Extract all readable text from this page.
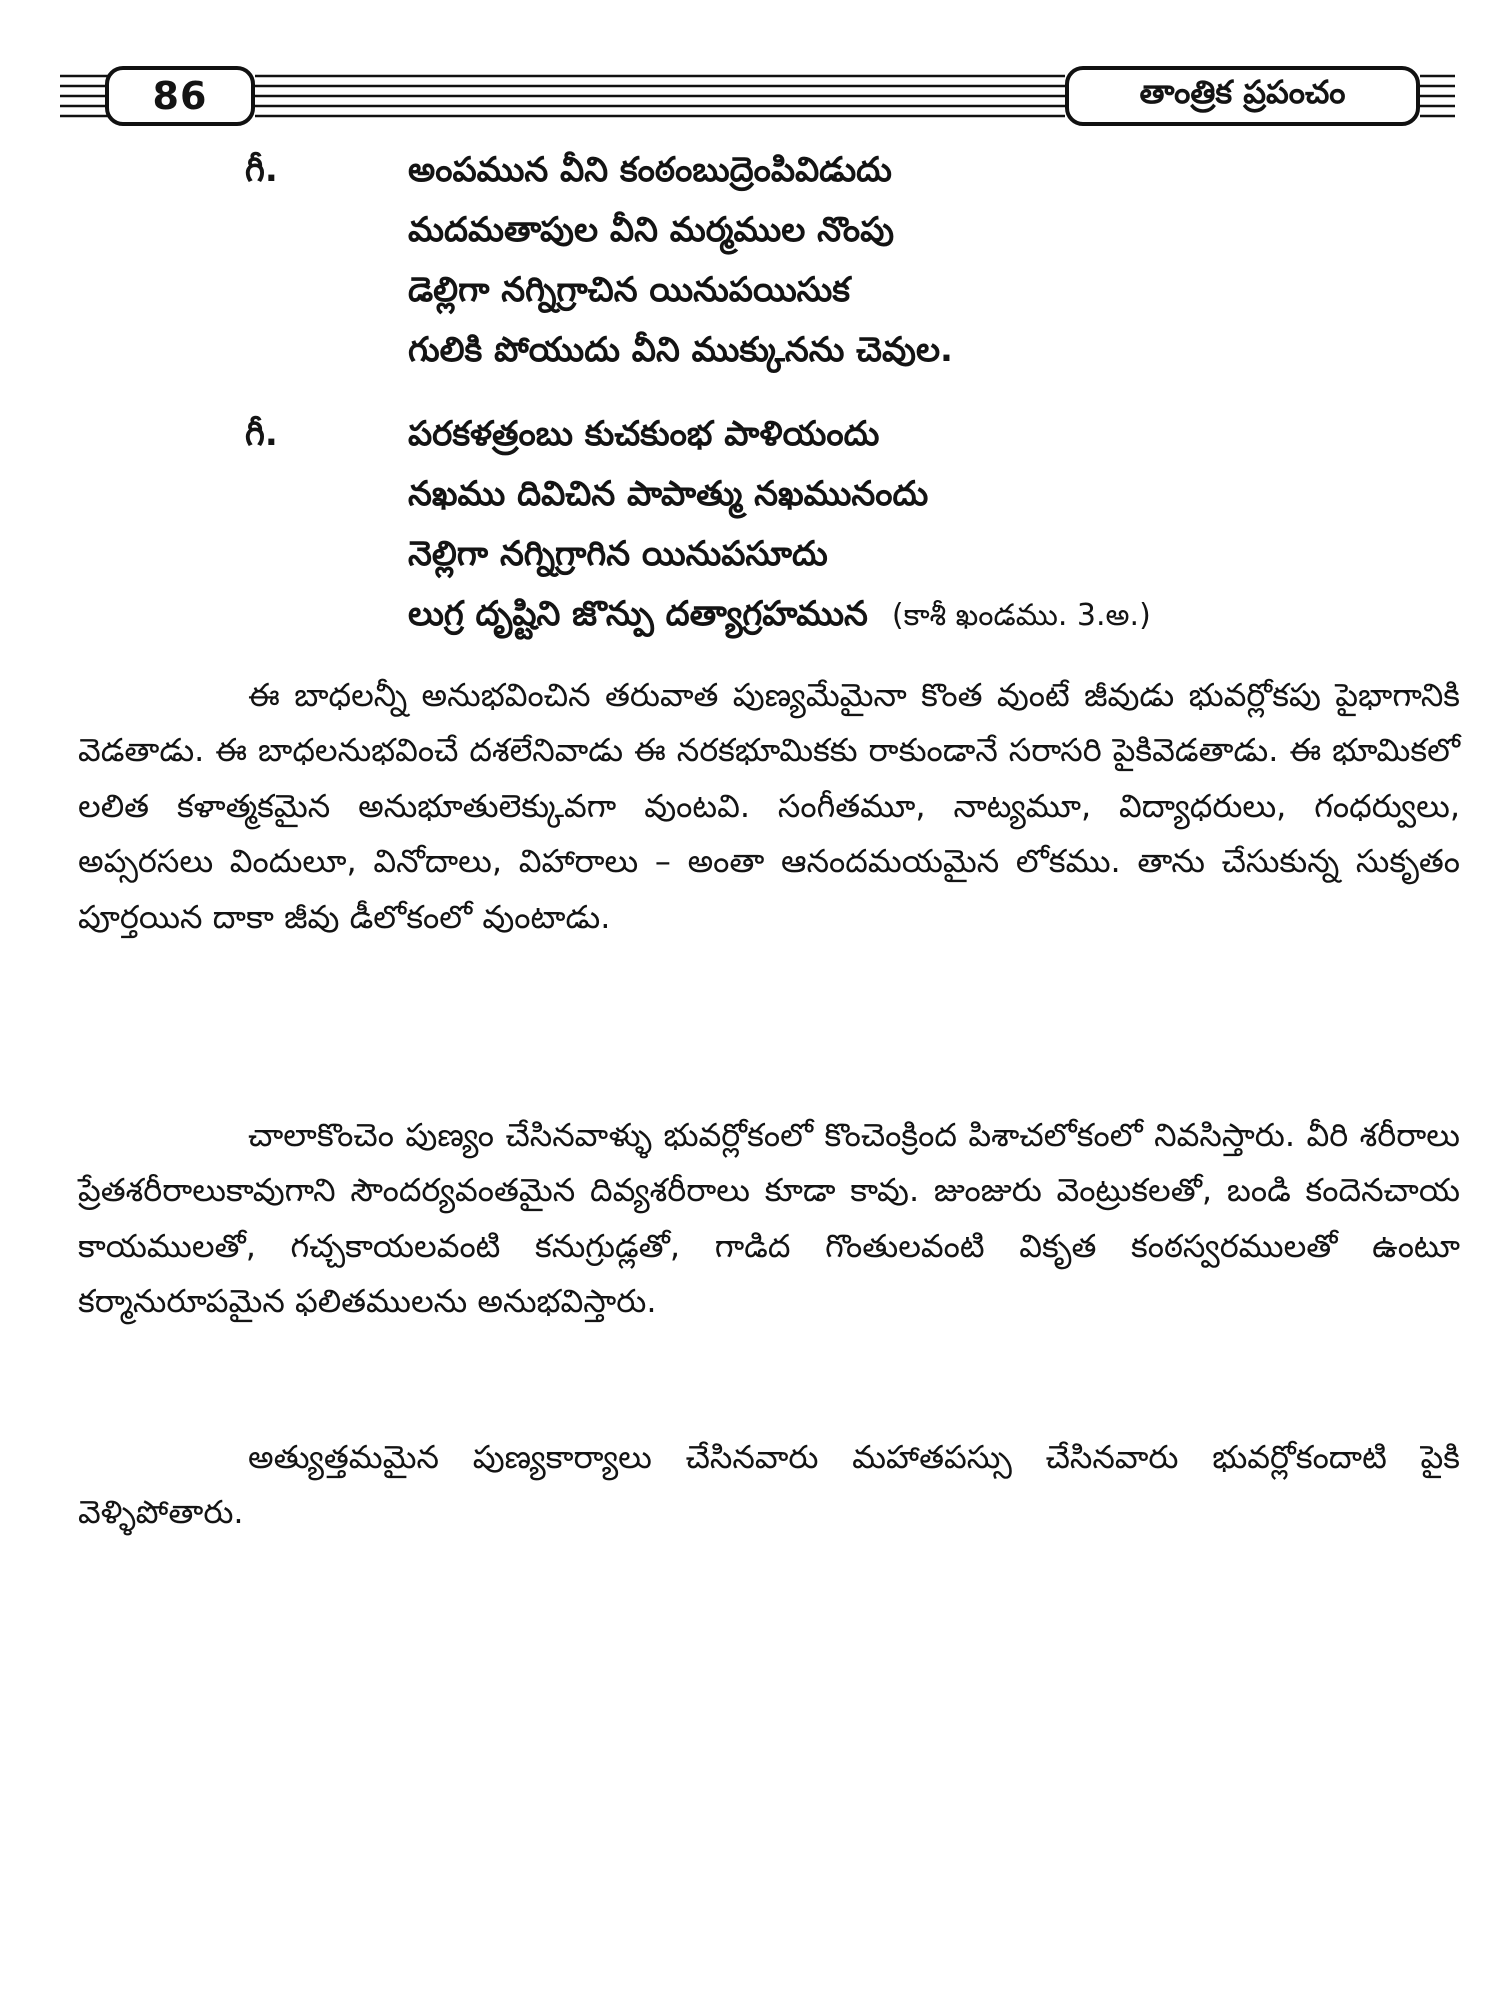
86	తాంత్రిక ప్రపంచం
గీ.	అంపమున వీని కంఠంబుద్రెంపివిడుదు
మదమతాపుల వీని మర్మముల నొంపు
డెల్లిగా నగ్నిగ్రాచిన యినుపయిసుక
గులికి పోయుదు వీని ముక్కునను చెవుల.
గీ.	పరకళత్రంబు కుచకుంభ పాళియందు
నఖము దివిచిన పాపాత్ము నఖమునందు
నెల్లిగా నగ్నిగ్రాగిన యినుపసూదు
లుగ్ర దృష్టిని జొన్పు దత్యాగ్రహమున (కాశీ ఖండము. 3.అ.)

ఈ బాధలన్నీ అనుభవించిన తరువాత పుణ్యమేమైనా కొంత వుంటే జీవుడు భువర్లోకపు పైభాగానికి వెడతాడు. ఈ బాధలనుభవించే దశలేనివాడు ఈ నరకభూమికకు రాకుండానే సరాసరి పైకివెడతాడు. ఈ భూమికలో లలిత కళాత్మకమైన అనుభూతులెక్కువగా వుంటవి. సంగీతమూ, నాట్యమూ, విద్యాధరులు, గంధర్వులు, అప్సరసలు విందులూ, వినోదాలు, విహారాలు – అంతా ఆనందమయమైన లోకము. తాను చేసుకున్న సుకృతం పూర్తయిన దాకా జీవు డీలోకంలో వుంటాడు.

చాలాకొంచెం పుణ్యం చేసినవాళ్ళు భువర్లోకంలో కొంచెంక్రింద పిశాచలోకంలో నివసిస్తారు. వీరి శరీరాలు ప్రేతశరీరాలుకావుగాని సౌందర్యవంతమైన దివ్యశరీరాలు కూడా కావు. జుంజురు వెంట్రుకలతో, బండి కందెనచాయ కాయములతో, గచ్చకాయలవంటి కనుగ్రుడ్లతో, గాడిద గొంతులవంటి వికృత కంఠస్వరములతో ఉంటూ కర్మానురూపమైన ఫలితములను అనుభవిస్తారు.

అత్యుత్తమమైన పుణ్యకార్యాలు చేసినవారు మహాతపస్సు చేసినవారు భువర్లోకందాటి పైకి వెళ్ళిపోతారు.
